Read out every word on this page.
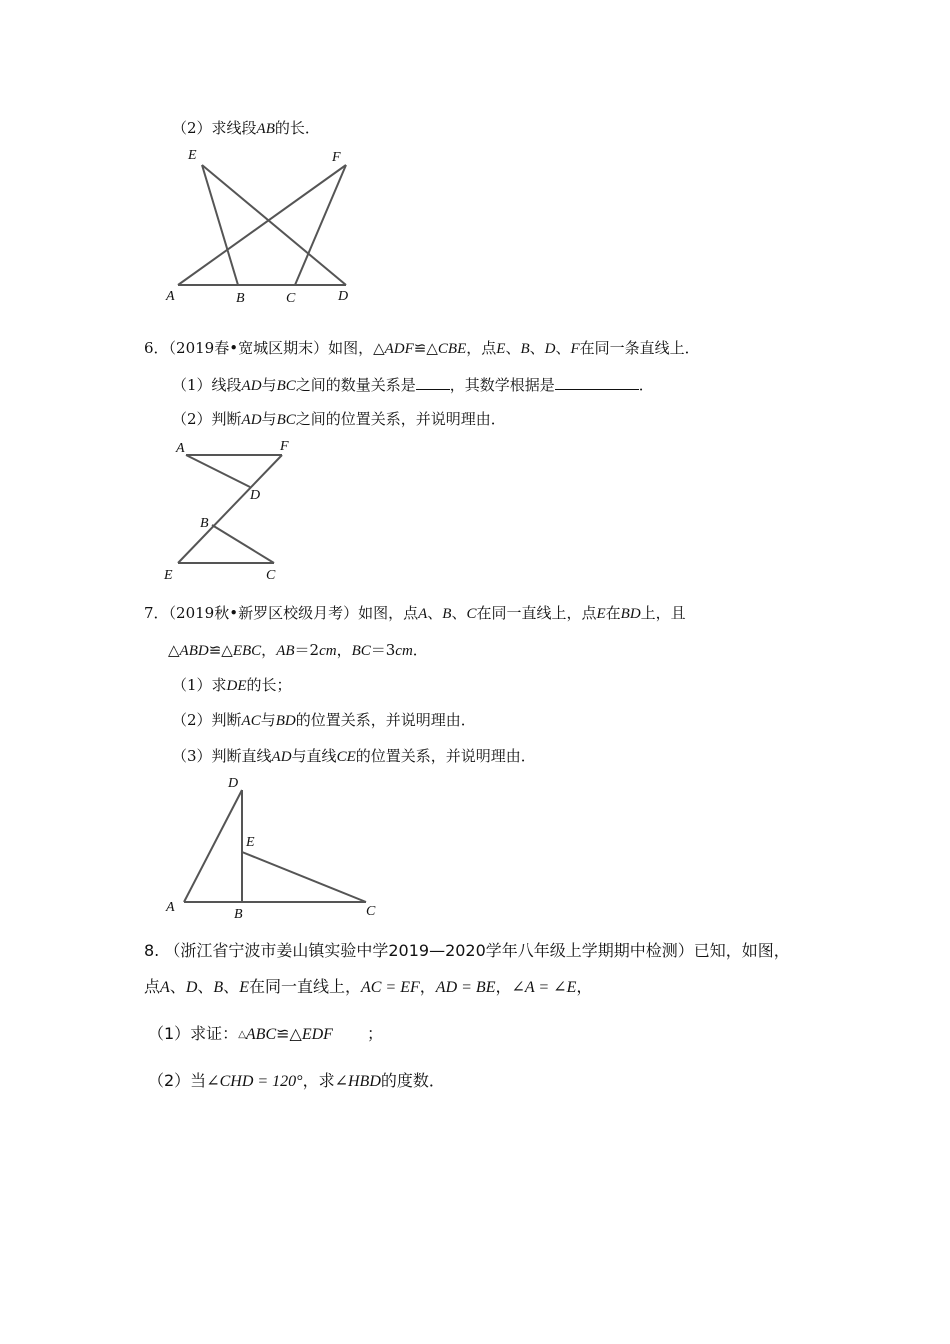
（2）求线段AB的长．
E	F
A	B	C	D
6．（2019春•宽城区期末）如图，△ADF≌△CBE，点E、B、D、F在同一条直线上．
（1）线段AD与BC之间的数量关系是 ，其数学根据是	．
（2）判断AD与BC之间的位置关系，并说明理由．
A	F
D
B
E	C
7．（2019秋•新罗区校级月考）如图，点A、B、C在同一直线上，点E在BD上，且
△ABD≌△EBC，AB＝2cm，BC＝3cm．
（1）求DE的长；
（2）判断AC与BD的位置关系，并说明理由．
（3）判断直线AD与直线CE的位置关系，并说明理由．
D
E
A	B	C
8. （浙江省宁波市姜山镇实验中学2019—2020学年八年级上学期期中检测）已知，如图，
点A、D、B、E在同一直线上，AC = EF，AD = BE，∠A = ∠E，
（1）求证：△ABC≌△EDF ；
（2）当∠CHD = 120°，求∠HBD的度数．
